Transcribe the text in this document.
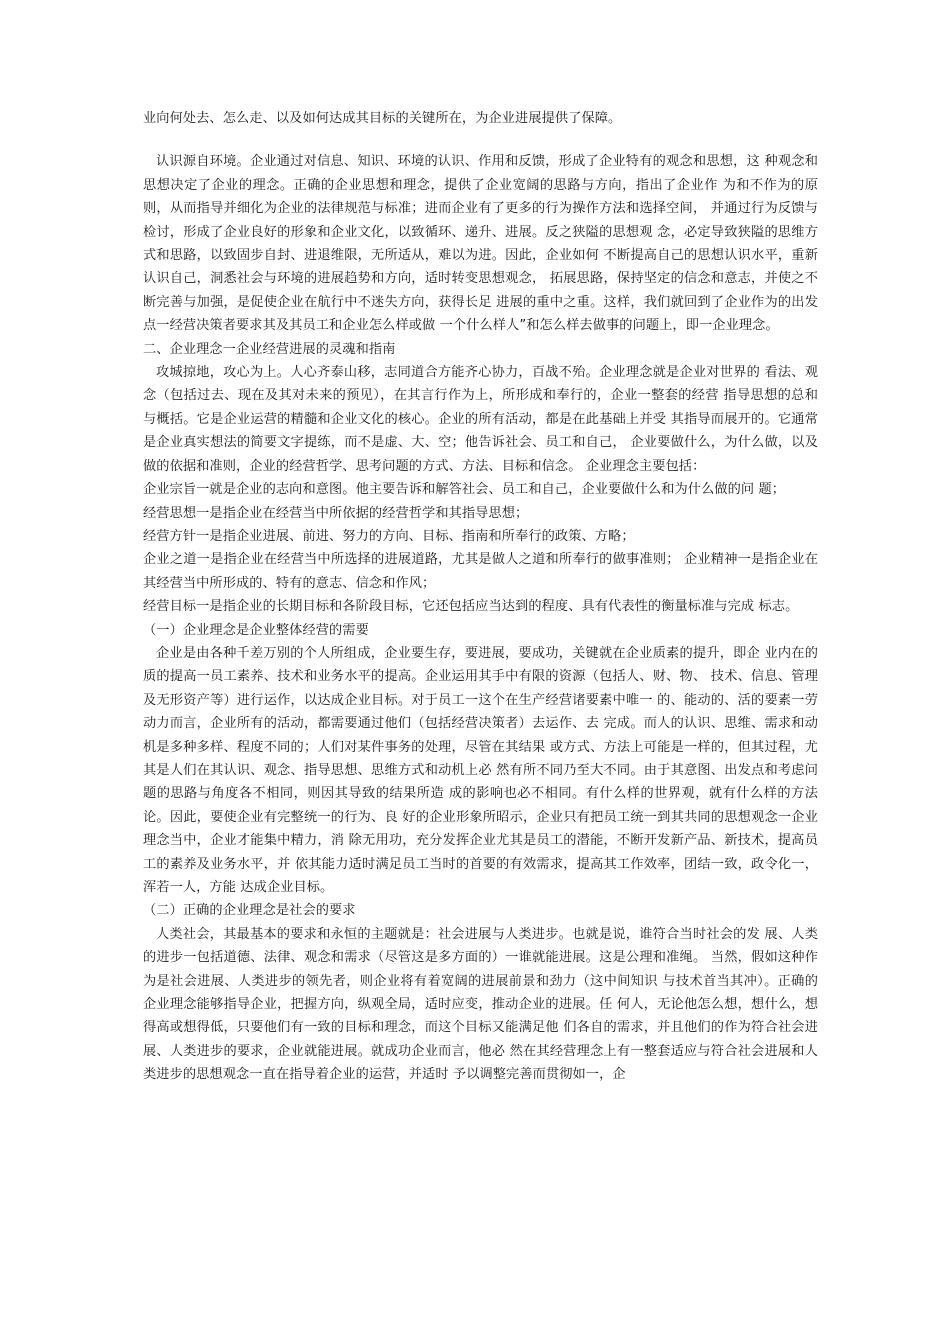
业向何处去、怎么走、以及如何达成其目标的关键所在，为企业进展提供了保障。

认识源自环境。企业通过对信息、知识、环境的认识、作用和反馈，形成了企业特有的观念和思想，这 种观念和思想决定了企业的理念。正确的企业思想和理念，提供了企业宽阔的思路与方向，指出了企业作 为和不作为的原则，从而指导并细化为企业的法律规范与标准；进而企业有了更多的行为操作方法和选择空间， 并通过行为反馈与检讨，形成了企业良好的形象和企业文化，以致循环、递升、进展。反之狭隘的思想观 念，必定导致狭隘的思维方式和思路，以致固步自封、进退维限，无所适从，难以为进。因此，企业如何 不断提高自己的思想认识水平，重新认识自己，洞悉社会与环境的进展趋势和方向，适时转变思想观念， 拓展思路，保持坚定的信念和意志，并使之不断完善与加强，是促使企业在航行中不迷失方向，获得长足 进展的重中之重。这样，我们就回到了企业作为的出发点一经营决策者要求其及其员工和企业怎么样或做 一个什么样人”和怎么样去做事的问题上，即一企业理念。

二、企业理念一企业经营进展的灵魂和指南

攻城掠地，攻心为上。人心齐泰山移，志同道合方能齐心协力，百战不殆。企业理念就是企业对世界的 看法、观念（包括过去、现在及其对未来的预见），在其言行作为上，所形成和奉行的，企业一整套的经营 指导思想的总和与概括。它是企业运营的精髓和企业文化的核心。企业的所有活动，都是在此基础上并受 其指导而展开的。它通常是企业真实想法的简要文字提练，而不是虚、大、空；他告诉社会、员工和自己， 企业要做什么，为什么做，以及做的依据和准则，企业的经营哲学、思考问题的方式、方法、目标和信念。 企业理念主要包括：

企业宗旨一就是企业的志向和意图。他主要告诉和解答社会、员工和自己，企业要做什么和为什么做的问 题；

经营思想一是指企业在经营当中所依据的经营哲学和其指导思想；

经营方针一是指企业进展、前进、努力的方向、目标、指南和所奉行的政策、方略；

企业之道一是指企业在经营当中所选择的进展道路，尤其是做人之道和所奉行的做事准则； 企业精神一是指企业在其经营当中所形成的、特有的意志、信念和作风；

经营目标一是指企业的长期目标和各阶段目标，它还包括应当达到的程度、具有代表性的衡量标准与完成 标志。

（一）企业理念是企业整体经营的需要

企业是由各种千差万别的个人所组成，企业要生存，要进展，要成功，关键就在企业质素的提升，即企 业内在的质的提高一员工素养、技术和业务水平的提高。企业运用其手中有限的资源（包括人、财、物、 技术、信息、管理及无形资产等）进行运作，以达成企业目标。对于员工一这个在生产经营诸要素中唯一 的、能动的、活的要素一劳动力而言，企业所有的活动，都需要通过他们（包括经营决策者）去运作、去 完成。而人的认识、思维、需求和动机是多种多样、程度不同的；人们对某件事务的处理，尽管在其结果 或方式、方法上可能是一样的，但其过程，尤其是人们在其认识、观念、指导思想、思维方式和动机上必 然有所不同乃至大不同。由于其意图、出发点和考虑问题的思路与角度各不相同，则因其导致的结果所造 成的影响也必不相同。有什么样的世界观，就有什么样的方法论。因此，要使企业有完整统一的行为、良 好的企业形象所昭示，企业只有把员工统一到其共同的思想观念一企业理念当中，企业才能集中精力，消 除无用功，充分发挥企业尤其是员工的潜能，不断开发新产品、新技术，提高员工的素养及业务水平，并 依其能力适时满足员工当时的首要的有效需求，提高其工作效率，团结一致，政令化一，浑若一人，方能 达成企业目标。

（二）正确的企业理念是社会的要求

人类社会，其最基本的要求和永恒的主题就是：社会进展与人类进步。也就是说，谁符合当时社会的发 展、人类的进步一包括道德、法律、观念和需求（尽管这是多方面的）一谁就能进展。这是公理和准绳。 当然，假如这种作为是社会进展、人类进步的领先者，则企业将有着宽阔的进展前景和劲力（这中间知识 与技术首当其冲）。正确的企业理念能够指导企业，把握方向，纵观全局，适时应变，推动企业的进展。任 何人，无论他怎么想，想什么，想得高或想得低，只要他们有一致的目标和理念，而这个目标又能满足他 们各自的需求，并且他们的作为符合社会进展、人类进步的要求，企业就能进展。就成功企业而言，他必 然在其经营理念上有一整套适应与符合社会进展和人类进步的思想观念一直在指导着企业的运营，并适时 予以调整完善而贯彻如一，企
